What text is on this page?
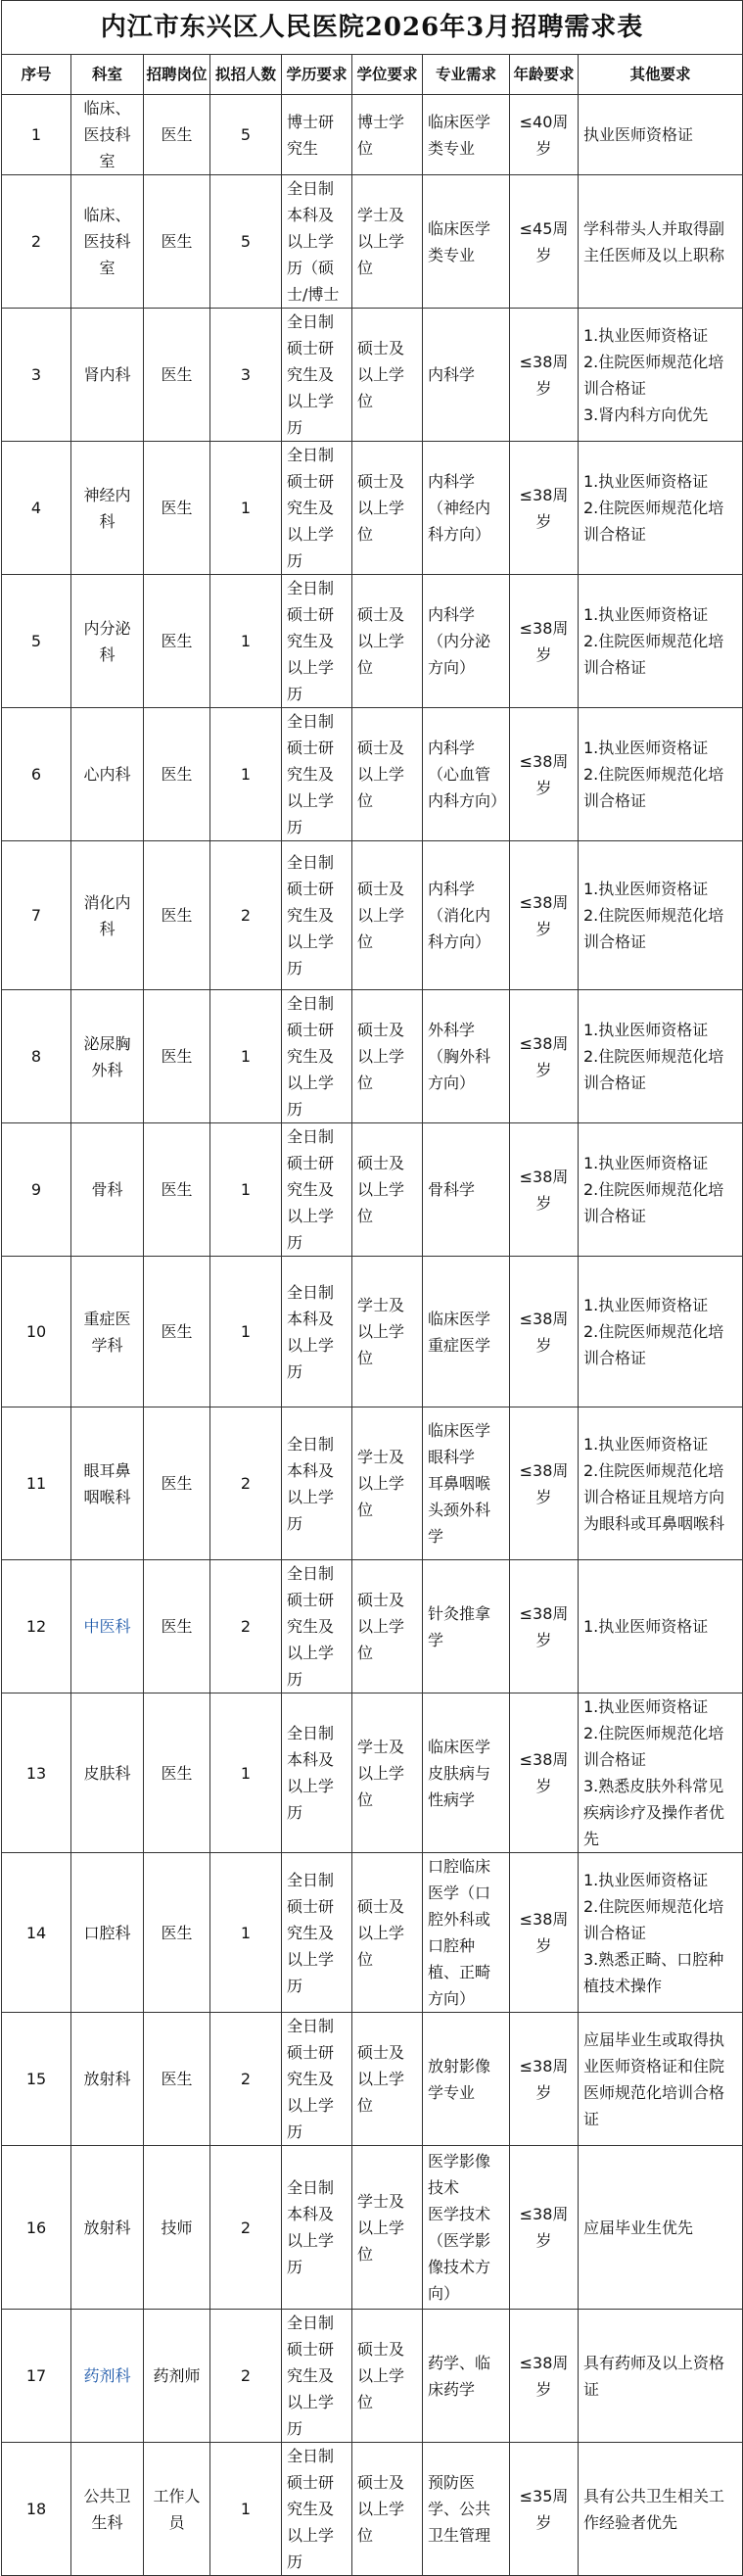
内江市东兴区人民医院2026年3月招聘需求表								
序号	科室	招聘岗位	拟招人数	学历要求	学位要求	专业需求	年龄要求	其他要求

1	临床、医技科室	医生	5	博士研究生	博士学位	临床医学类专业	≤40周岁	执业医师资格证

2	临床、医技科室	医生	5	全日制本科及以上学历（硕士/博士	学士及以上学位	临床医学类专业	≤45周岁	学科带头人并取得副主任医师及以上职称

3	肾内科	医生	3	全日制硕士研究生及以上学历	硕士及以上学位	内科学	≤38周岁	1.执业医师资格证
2.住院医师规范化培训合格证
3.肾内科方向优先

4	神经内科	医生	1	全日制硕士研究生及以上学历	硕士及以上学位	内科学（神经内科方向）	≤38周岁	1.执业医师资格证
2.住院医师规范化培训合格证

5	内分泌科	医生	1	全日制硕士研究生及以上学历	硕士及以上学位	内科学（内分泌方向）	≤38周岁	1.执业医师资格证
2.住院医师规范化培训合格证

6	心内科	医生	1	全日制硕士研究生及以上学历	硕士及以上学位	内科学（心血管内科方向）	≤38周岁	1.执业医师资格证
2.住院医师规范化培训合格证

7	消化内科	医生	2	全日制硕士研究生及以上学历	硕士及以上学位	内科学（消化内科方向）	≤38周岁	1.执业医师资格证
2.住院医师规范化培训合格证

8	泌尿胸外科	医生	1	全日制硕士研究生及以上学历	硕士及以上学位	外科学（胸外科方向）	≤38周岁	1.执业医师资格证
2.住院医师规范化培训合格证

9	骨科	医生	1	全日制硕士研究生及以上学历	硕士及以上学位	骨科学	≤38周岁	1.执业医师资格证
2.住院医师规范化培训合格证

10	重症医学科	医生	1	全日制本科及以上学历	学士及以上学位	临床医学
重症医学	≤38周岁	1.执业医师资格证
2.住院医师规范化培训合格证

11	眼耳鼻咽喉科	医生	2	全日制本科及以上学历	学士及以上学位	临床医学
眼科学
耳鼻咽喉头颈外科学	≤38周岁	1.执业医师资格证
2.住院医师规范化培训合格证且规培方向为眼科或耳鼻咽喉科

12	中医科	医生	2	全日制硕士研究生及以上学历	硕士及以上学位	针灸推拿学	≤38周岁	1.执业医师资格证

13	皮肤科	医生	1	全日制本科及以上学历	学士及以上学位	临床医学
皮肤病与性病学	≤38周岁	1.执业医师资格证
2.住院医师规范化培训合格证
3.熟悉皮肤外科常见疾病诊疗及操作者优先

14	口腔科	医生	1	全日制硕士研究生及以上学历	硕士及以上学位	口腔临床医学（口腔外科或口腔种植、正畸方向）	≤38周岁	1.执业医师资格证
2.住院医师规范化培训合格证
3.熟悉正畸、口腔种植技术操作

15	放射科	医生	2	全日制硕士研究生及以上学历	硕士及以上学位	放射影像学专业	≤38周岁	应届毕业生或取得执业医师资格证和住院医师规范化培训合格证

16	放射科	技师	2	全日制本科及以上学历	学士及以上学位	医学影像技术
医学技术（医学影像技术方向）	≤38周岁	应届毕业生优先

17	药剂科	药剂师	2	全日制硕士研究生及以上学历	硕士及以上学位	药学、临床药学	≤38周岁	具有药师及以上资格证

18	公共卫生科	工作人员	1	全日制硕士研究生及以上学历	硕士及以上学位	预防医学、公共卫生管理	≤35周岁	具有公共卫生相关工作经验者优先
